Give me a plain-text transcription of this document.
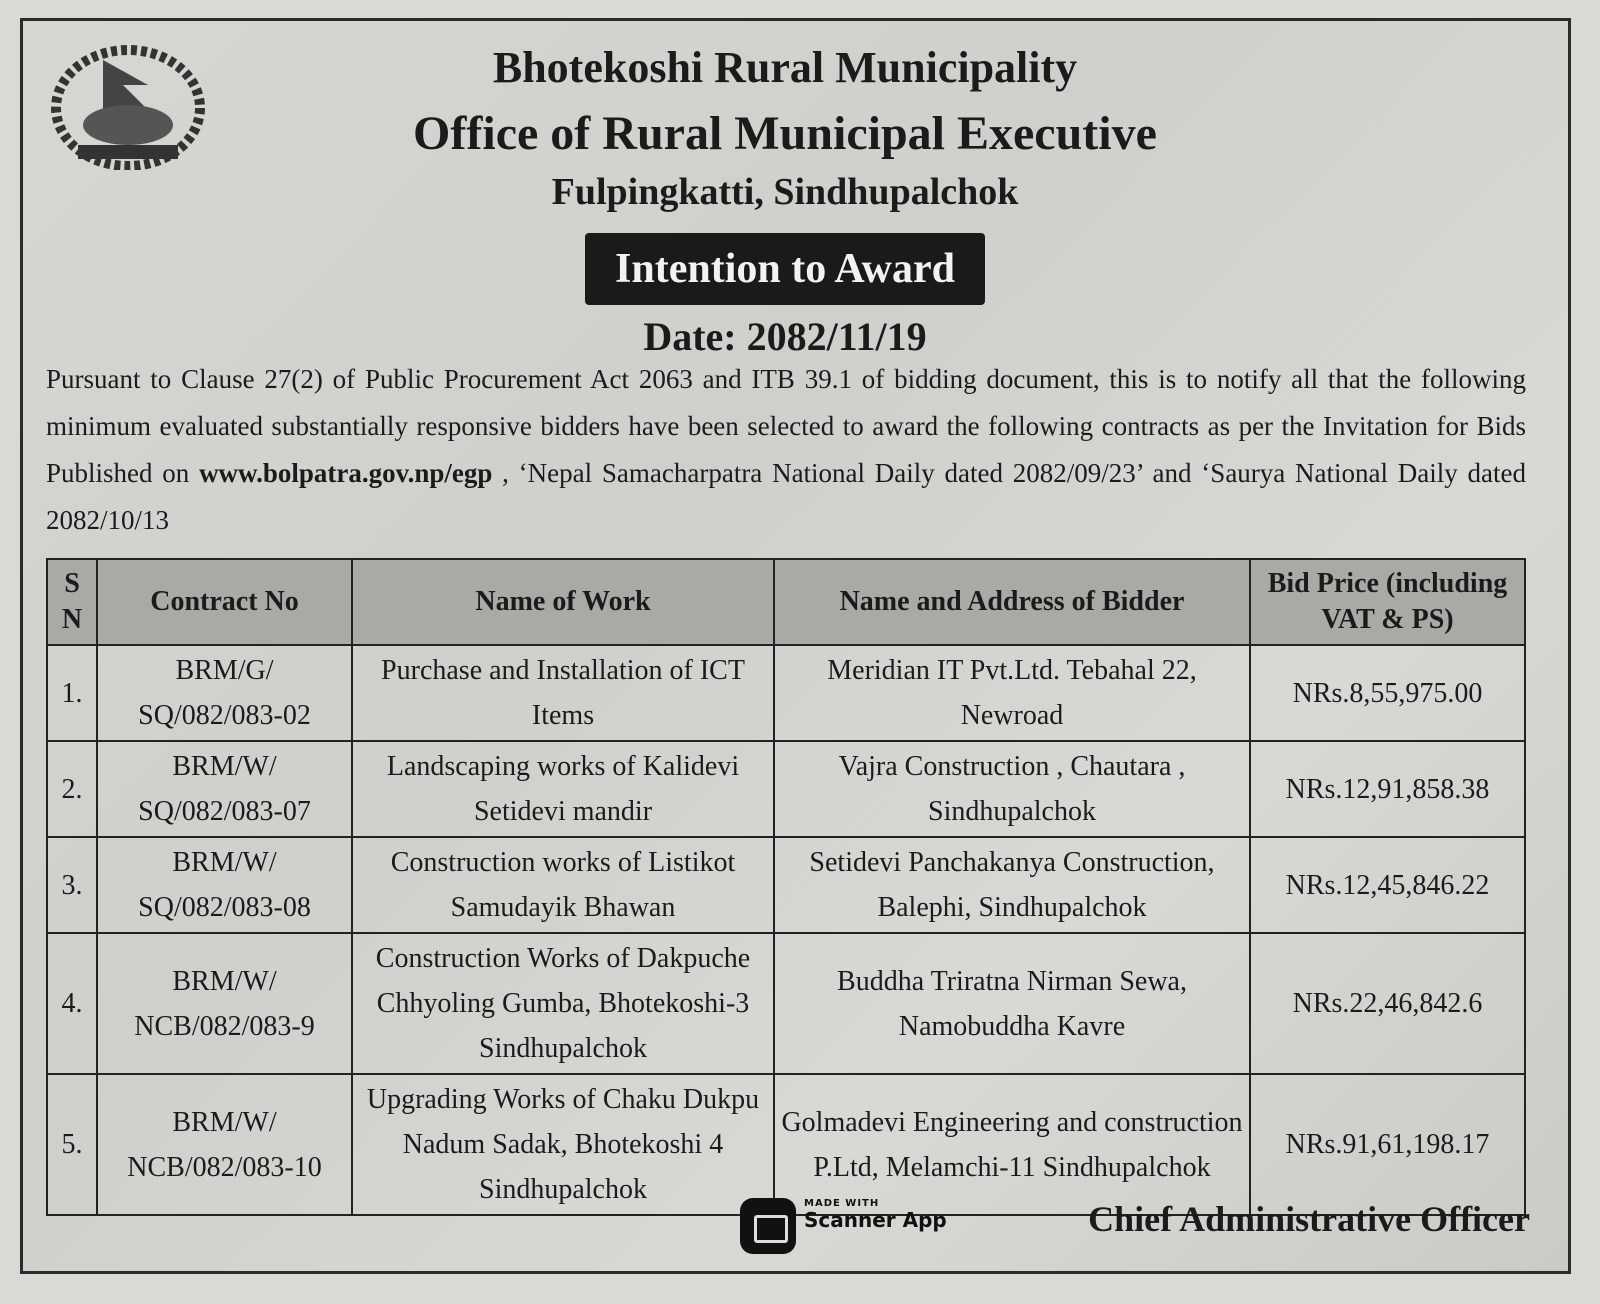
Bhotekoshi Rural Municipality
Office of Rural Municipal Executive
Fulpingkatti, Sindhupalchok
Intention to Award
Date: 2082/11/19
Pursuant to Clause 27(2) of Public Procurement Act 2063 and ITB 39.1 of bidding document, this is to notify all that the following minimum evaluated substantially responsive bidders have been selected to award the following contracts as per the Invitation for Bids Published on www.bolpatra.gov.np/egp , ‘Nepal Samacharpatra National Daily dated 2082/09/23’ and ‘Saurya National Daily dated 2082/10/13
S N	Contract No	Name of Work	Name and Address of Bidder	Bid Price (including VAT & PS)
1.	BRM/G/ SQ/082/083-02	Purchase and Installation of ICT Items	Meridian IT Pvt.Ltd. Tebahal 22, Newroad	NRs.8,55,975.00
2.	BRM/W/ SQ/082/083-07	Landscaping works of Kalidevi Setidevi mandir	Vajra Construction , Chautara , Sindhupalchok	NRs.12,91,858.38
3.	BRM/W/ SQ/082/083-08	Construction works of Listikot Samudayik Bhawan	Setidevi Panchakanya Construction, Balephi, Sindhupalchok	NRs.12,45,846.22
4.	BRM/W/ NCB/082/083-9	Construction Works of Dakpuche Chhyoling Gumba, Bhotekoshi-3 Sindhupalchok	Buddha Triratna Nirman Sewa, Namobuddha Kavre	NRs.22,46,842.6
5.	BRM/W/ NCB/082/083-10	Upgrading Works of Chaku Dukpu Nadum Sadak, Bhotekoshi 4 Sindhupalchok	Golmadevi Engineering and construction P.Ltd, Melamchi-11 Sindhupalchok	NRs.91,61,198.17
Chief Administrative Officer
MADE WITH
Scanner App
